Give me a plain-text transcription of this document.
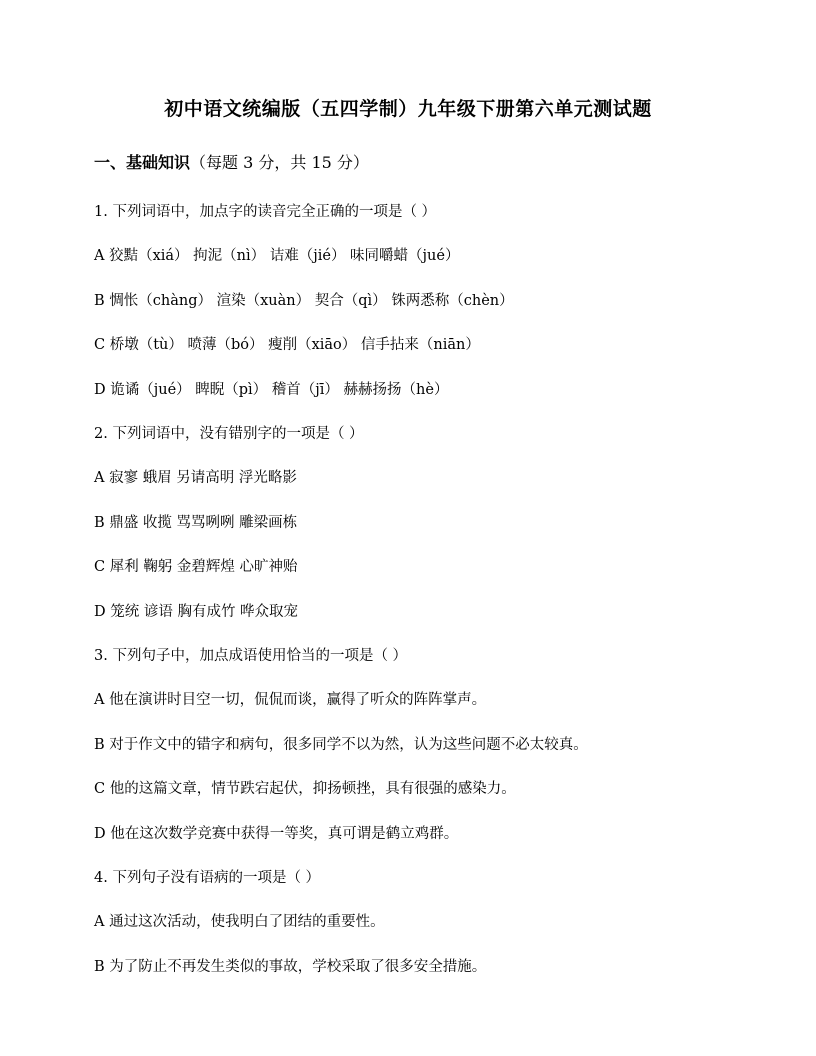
初中语文统编版（五四学制）九年级下册第六单元测试题

一、基础知识（每题 3 分，共 15 分）

1. 下列词语中，加点字的读音完全正确的一项是（ ）

A 狡黠（xiá） 拘泥（nì） 诘难（jié） 味同嚼蜡（jué）

B 惆怅（chàng） 渲染（xuàn） 契合（qì） 铢两悉称（chèn）

C 桥墩（tù） 喷薄（bó） 瘦削（xiāo） 信手拈来（niān）

D 诡谲（jué） 睥睨（pì） 稽首（jī） 赫赫扬扬（hè）

2. 下列词语中，没有错别字的一项是（ ）

A 寂寥 蛾眉 另请高明 浮光略影

B 鼎盛 收揽 骂骂咧咧 雕梁画栋

C 犀利 鞠躬 金碧辉煌 心旷神贻

D 笼统 谚语 胸有成竹 哗众取宠

3. 下列句子中，加点成语使用恰当的一项是（ ）

A 他在演讲时目空一切，侃侃而谈，赢得了听众的阵阵掌声。

B 对于作文中的错字和病句，很多同学不以为然，认为这些问题不必太较真。

C 他的这篇文章，情节跌宕起伏，抑扬顿挫，具有很强的感染力。

D 他在这次数学竞赛中获得一等奖，真可谓是鹤立鸡群。

4. 下列句子没有语病的一项是（ ）

A 通过这次活动，使我明白了团结的重要性。

B 为了防止不再发生类似的事故，学校采取了很多安全措施。
